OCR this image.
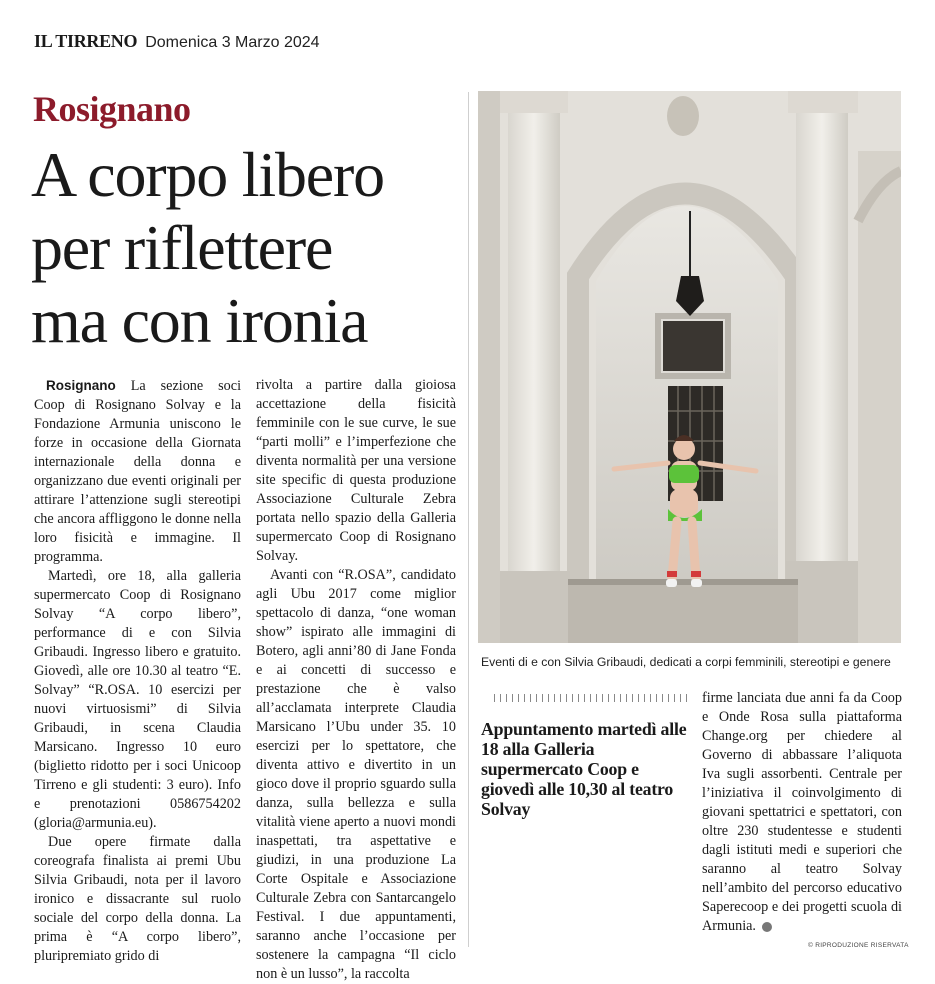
IL TIRRENO Domenica 3 Marzo 2024
Rosignano
A corpo libero
per riflettere
ma con ironia

Rosignano La sezione soci Coop di Rosignano Solvay e la Fondazione Armunia uniscono le forze in occasione della Giornata internazionale della donna e organizzano due eventi originali per attirare l’attenzione sugli stereotipi che ancora affliggono le donne nella loro fisicità e immagine. Il programma.

Martedì, ore 18, alla galleria supermercato Coop di Rosignano Solvay “A corpo libero”, performance di e con Silvia Gribaudi. Ingresso libero e gratuito. Giovedì, alle ore 10.30 al teatro “E. Solvay” “R.OSA. 10 esercizi per nuovi virtuosismi” di Silvia Gribaudi, in scena Claudia Marsicano. Ingresso 10 euro (biglietto ridotto per i soci Unicoop Tirreno e gli studenti: 3 euro). Info e prenotazioni 0586754202 (gloria@armunia.eu).

Due opere firmate dalla coreografa finalista ai premi Ubu Silvia Gribaudi, nota per il lavoro ironico e dissacrante sul ruolo sociale del corpo della donna. La prima è “A corpo libero”, pluripremiato grido di

rivolta a partire dalla gioiosa accettazione della fisicità femminile con le sue curve, le sue “parti molli” e l’imperfezione che diventa normalità per una versione site specific di questa produzione Associazione Culturale Zebra portata nello spazio della Galleria supermercato Coop di Rosignano Solvay.

Avanti con “R.OSA”, candidato agli Ubu 2017 come miglior spettacolo di danza, “one woman show” ispirato alle immagini di Botero, agli anni’80 di Jane Fonda e ai concetti di successo e prestazione che è valso all’acclamata interprete Claudia Marsicano l’Ubu under 35. 10 esercizi per lo spettatore, che diventa attivo e divertito in un gioco dove il proprio sguardo sulla danza, sulla bellezza e sulla vitalità viene aperto a nuovi mondi inaspettati, tra aspettative e giudizi, in una produzione La Corte Ospitale e Associazione Culturale Zebra con Santarcangelo Festival. I due appuntamenti, saranno anche l’occasione per sostenere la campagna “Il ciclo non è un lusso”, la raccolta

Eventi di e con Silvia Gribaudi, dedicati a corpi femminili, stereotipi e genere
Appuntamento martedì alle 18 alla Galleria supermercato Coop e giovedì alle 10,30 al teatro Solvay

firme lanciata due anni fa da Coop e Onde Rosa sulla piattaforma Change.org per chiedere al Governo di abbassare l’aliquota Iva sugli assorbenti. Centrale per l’iniziativa il coinvolgimento di giovani spettatrici e spettatori, con oltre 230 studentesse e studenti dagli istituti medi e superiori che saranno al teatro Solvay nell’ambito del percorso educativo Saperecoop e dei progetti scuola di Armunia.

© RIPRODUZIONE RISERVATA
